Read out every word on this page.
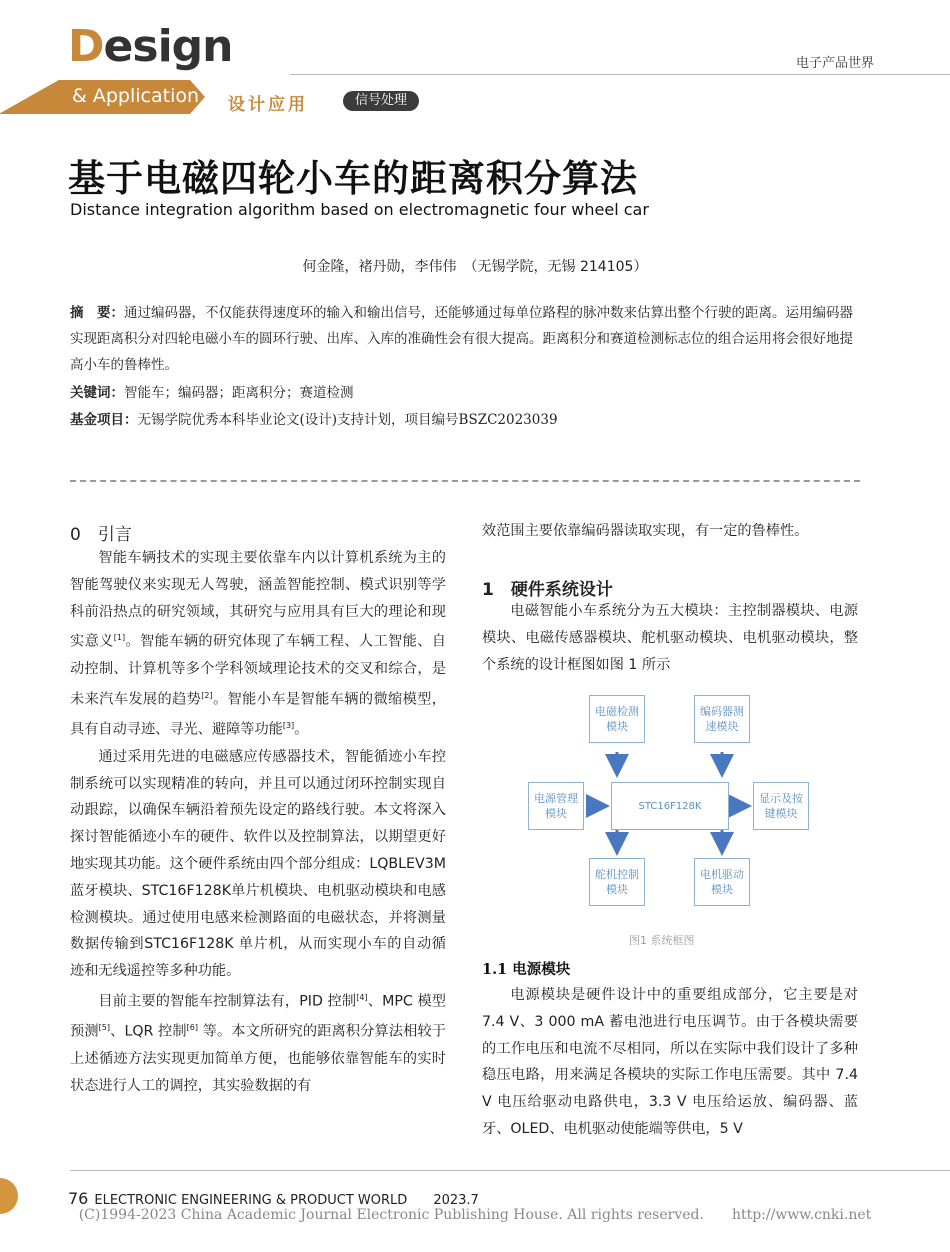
Design	电子产品世界
& Application 设计应用	信号处理
基于电磁四轮小车的距离积分算法
Distance integration algorithm based on electromagnetic four wheel car
何金隆，褚丹勋，李伟伟　（无锡学院，无锡 214105）
摘　要：通过编码器，不仅能获得速度环的输入和输出信号，还能够通过每单位路程的脉冲数来估算出整个行驶的距离。运用编码器实现距离积分对四轮电磁小车的圆环行驶、出库、入库的准确性会有很大提高。距离积分和赛道检测标志位的组合运用将会很好地提高小车的鲁棒性。
关键词：智能车；编码器；距离积分；赛道检测
基金项目：无锡学院优秀本科毕业论文(设计)支持计划，项目编号BSZC2023039
0　引言

智能车辆技术的实现主要依靠车内以计算机系统为主的智能驾驶仪来实现无人驾驶，涵盖智能控制、模式识别等学科前沿热点的研究领域，其研究与应用具有巨大的理论和现实意义[1]。智能车辆的研究体现了车辆工程、人工智能、自动控制、计算机等多个学科领域理论技术的交叉和综合，是未来汽车发展的趋势[2]。智能小车是智能车辆的微缩模型，具有自动寻迹、寻光、避障等功能[3]。

通过采用先进的电磁感应传感器技术，智能循迹小车控制系统可以实现精准的转向，并且可以通过闭环控制实现自动跟踪，以确保车辆沿着预先设定的路线行驶。本文将深入探讨智能循迹小车的硬件、软件以及控制算法，以期望更好地实现其功能。这个硬件系统由四个部分组成：LQBLEV3M 蓝牙模块、STC16F128K单片机模块、电机驱动模块和电感检测模块。通过使用电感来检测路面的电磁状态，并将测量数据传输到STC16F128K 单片机，从而实现小车的自动循迹和无线遥控等多种功能。

目前主要的智能车控制算法有，PID 控制[4]、MPC 模型预测[5]、LQR 控制[6] 等。本文所研究的距离积分算法相较于上述循迹方法实现更加简单方便，也能够依靠智能车的实时状态进行人工的调控，其实验数据的有

效范围主要依靠编码器读取实现，有一定的鲁棒性。
1　硬件系统设计

电磁智能小车系统分为五大模块：主控制器模块、电源模块、电磁传感器模块、舵机驱动模块、电机驱动模块，整个系统的设计框图如图 1 所示

电磁检测模块
编码器测速模块
电源管理模块
STC16F128K
显示及按键模块
舵机控制模块
电机驱动模块
图1 系统框图
1.1 电源模块

电源模块是硬件设计中的重要组成部分，它主要是对 7.4 V、3 000 mA 蓄电池进行电压调节。由于各模块需要的工作电压和电流不尽相同，所以在实际中我们设计了多种稳压电路，用来满足各模块的实际工作电压需要。其中 7.4 V 电压给驱动电路供电，3.3 V 电压给运放、编码器、蓝牙、OLED、电机驱动使能端等供电，5 V

76 ELECTRONIC ENGINEERING & PRODUCT WORLD　　 2023.7
(C)1994-2023 China Academic Journal Electronic Publishing House. All rights reserved.　　http://www.cnki.net
